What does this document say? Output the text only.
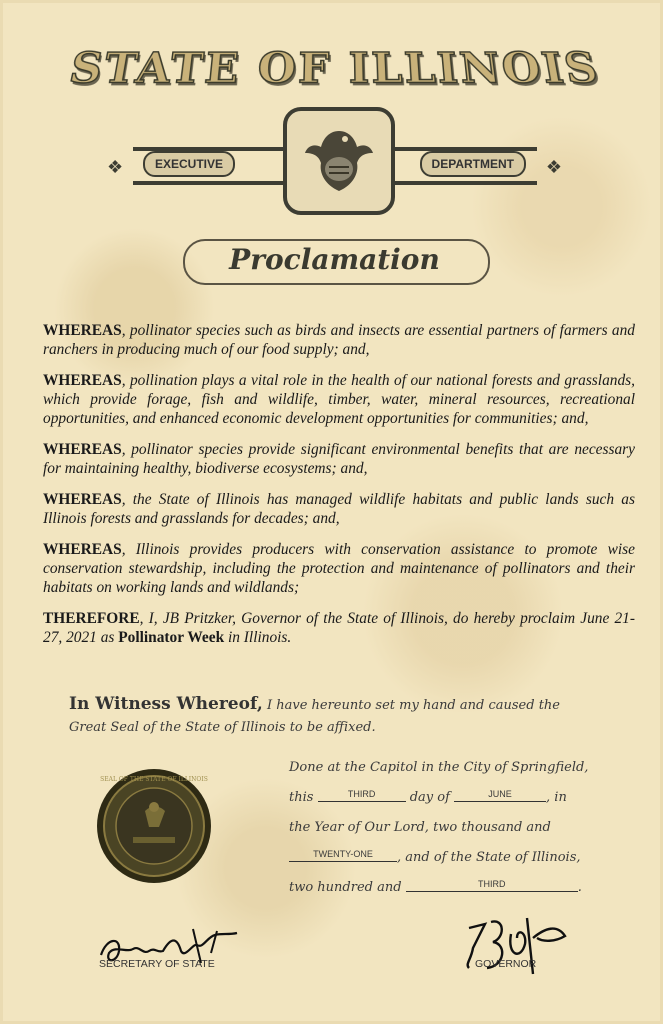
STATE OF ILLINOIS
❖	❖
EXECUTIVE	DEPARTMENT
Proclamation

WHEREAS, pollinator species such as birds and insects are essential partners of farmers and ranchers in producing much of our food supply; and,

WHEREAS, pollination plays a vital role in the health of our national forests and grasslands, which provide forage, fish and wildlife, timber, water, mineral resources, recreational opportunities, and enhanced economic development opportunities for communities; and,

WHEREAS, pollinator species provide significant environmental benefits that are necessary for maintaining healthy, biodiverse ecosystems; and,

WHEREAS, the State of Illinois has managed wildlife habitats and public lands such as Illinois forests and grasslands for decades; and,

WHEREAS, Illinois provides producers with conservation assistance to promote wise conservation stewardship, including the protection and maintenance of pollinators and their habitats on working lands and wildlands;

THEREFORE, I, JB Pritzker, Governor of the State of Illinois, do hereby proclaim June 21-27, 2021 as Pollinator Week in Illinois.

In Witness Whereof, I have hereunto set my hand and caused the
Great Seal of the State of Illinois to be affixed.
Done at the Capitol in the City of Springfield,
this	THIRD	day of	JUNE	, in
the Year of Our Lord, two thousand and
TWENTY-ONE , and of the State of Illinois,
two hundred and	THIRD	.
SEAL OF THE STATE OF ILLINOIS
SECRETARY OF STATE	GOVERNOR
